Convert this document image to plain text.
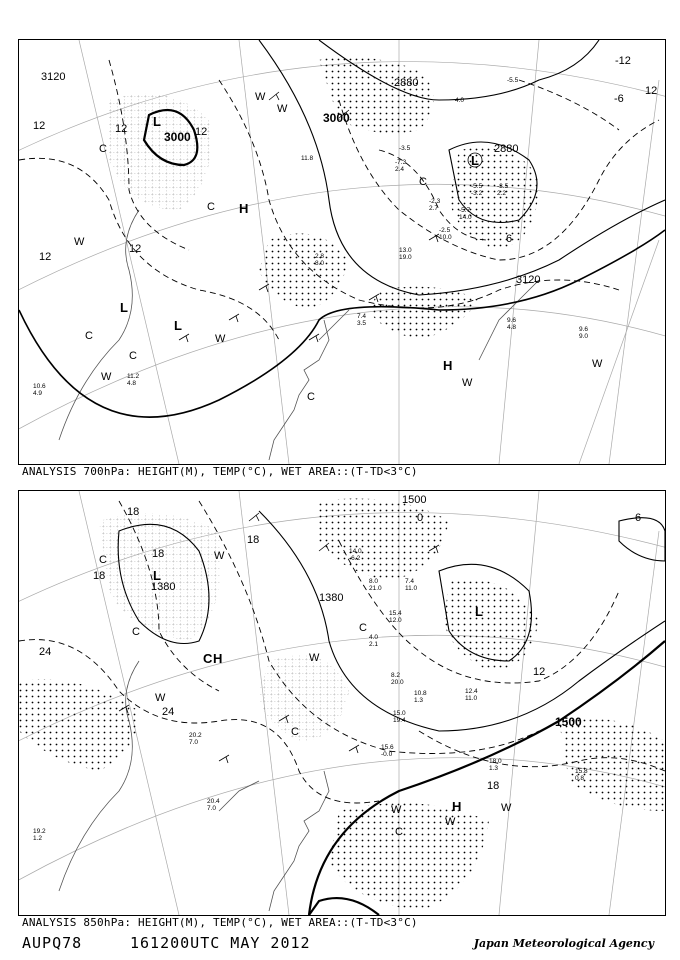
3120
3000
3000
2880
2880
3120
12	12	12
12
12
-6
6
-12
12
L
L
H
L
L
H
C
C
C
C
C
C
W
W
W
W
W
W
W
-5.5
4.0
-3.5
11.8
-7.3
2.4
-5.5 -3.5
-3.2 2.2
-2.3
2.7	-5.7
14.0
-2.5
10.0
2.8
8.0
13.0
19.0
9.6
4.8	9.6
9.0
7.4
3.5
10.6
4.9
11.2
4.8
ANALYSIS 700hPa: HEIGHT(M), TEMP(°C), WET AREA::(T-TD<3°C)
1380
1380
1500
1500
18
18
18
18
24
24
12
0	6
18
L
C H
L
H
C
C
C
C
C
W
W
W
W
W
W
14.0
-6.2
7.4
11.0
8.0
21.0
15.4
12.0
4.0
2.1
8.2
20.0
10.8
1.3
12.4
11.0
15.0
19.4
15.6
-0.0
18.0
1.3	15.8
0.8
20.2
7.0
20.4
7.0
19.2
1.2
ANALYSIS 850hPa: HEIGHT(M), TEMP(°C), WET AREA::(T-TD<3°C)
AUPQ78	161200UTC MAY 2012	Japan Meteorological Agency
